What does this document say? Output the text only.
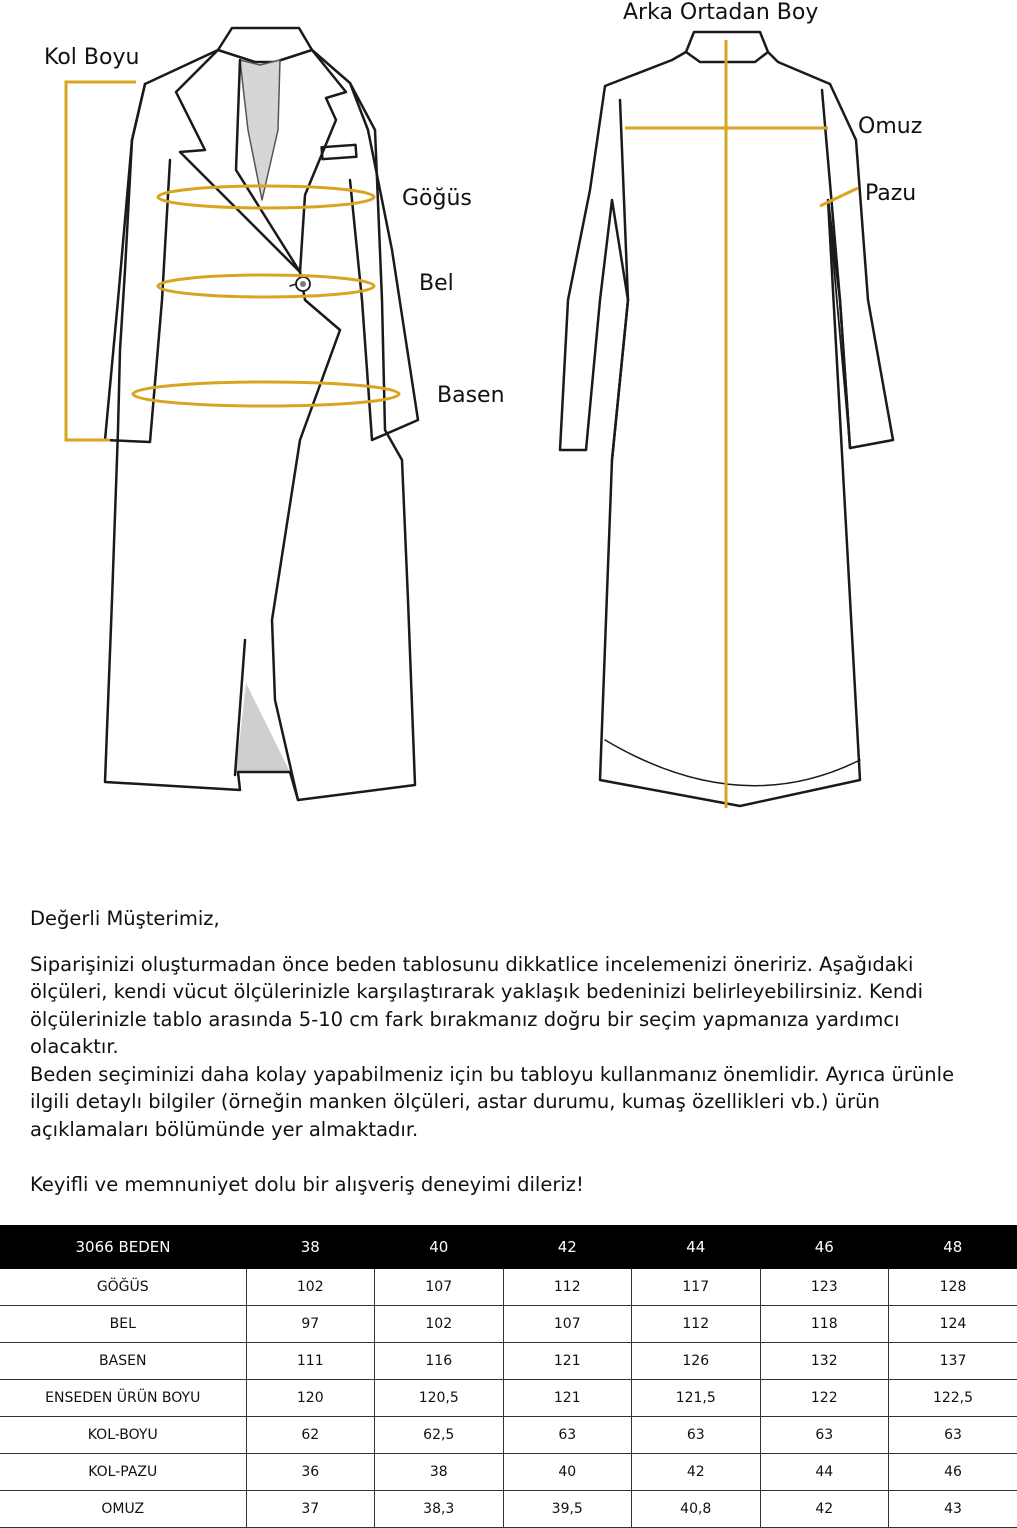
Kol Boyu
Arka Ortadan Boy
Omuz
Pazu
Göğüs
Bel
Basen

Değerli Müşterimiz,

Siparişinizi oluşturmadan önce beden tablosunu dikkatlice incelemenizi öneririz. Aşağıdaki ölçüleri, kendi vücut ölçülerinizle karşılaştırarak yaklaşık bedeninizi belirleyebilirsiniz. Kendi ölçülerinizle tablo arasında 5-10 cm fark bırakmanız doğru bir seçim yapmanıza yardımcı olacaktır.

Beden seçiminizi daha kolay yapabilmeniz için bu tabloyu kullanmanız önemlidir. Ayrıca ürünle ilgili detaylı bilgiler (örneğin manken ölçüleri, astar durumu, kumaş özellikleri vb.) ürün açıklamaları bölümünde yer almaktadır.

Keyifli ve memnuniyet dolu bir alışveriş deneyimi dileriz!

3066 BEDEN	38	40	42	44	46	48
GÖĞÜS	102	107	112	117	123	128
BEL	97	102	107	112	118	124
BASEN	111	116	121	126	132	137
ENSEDEN ÜRÜN BOYU	120	120,5	121	121,5	122	122,5
KOL-BOYU	62	62,5	63	63	63	63
KOL-PAZU	36	38	40	42	44	46
OMUZ	37	38,3	39,5	40,8	42	43
